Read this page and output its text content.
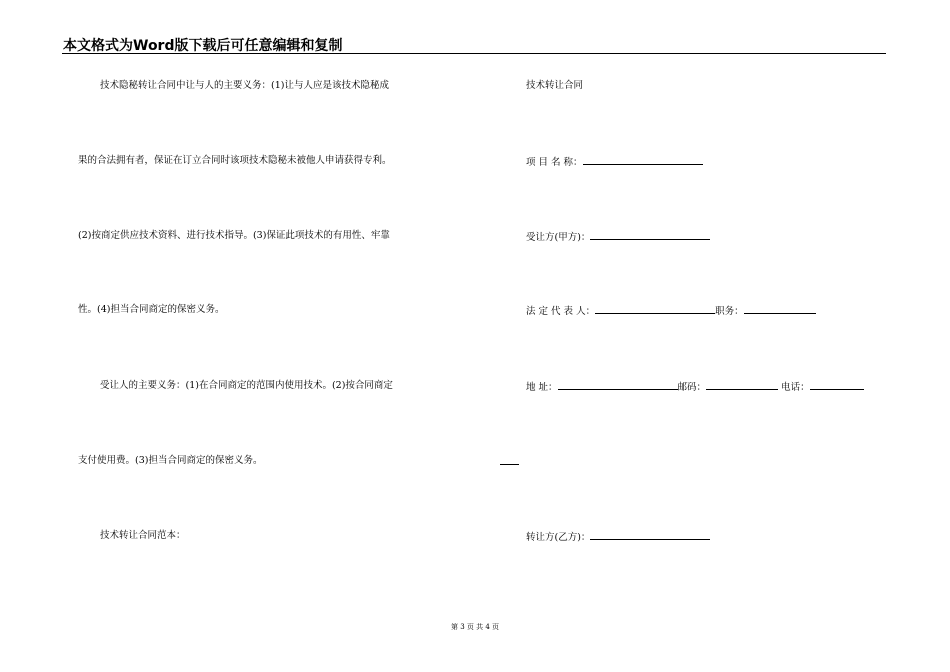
本文格式为Word版下载后可任意编辑和复制
技术隐秘转让合同中让与人的主要义务：(1)让与人应是该技术隐秘成
果的合法拥有者，保证在订立合同时该项技术隐秘未被他人申请获得专利。
(2)按商定供应技术资料、进行技术指导。(3)保证此项技术的有用性、牢靠
性。(4)担当合同商定的保密义务。
受让人的主要义务：(1)在合同商定的范围内使用技术。(2)按合同商定
支付使用费。(3)担当合同商定的保密义务。
技术转让合同范本：
技术转让合同
项 目 名 称：
受让方(甲方)：
法 定 代 表 人：	职务：
地 址：	邮码：	电话：
转让方(乙方)：
第 3 页 共 4 页
